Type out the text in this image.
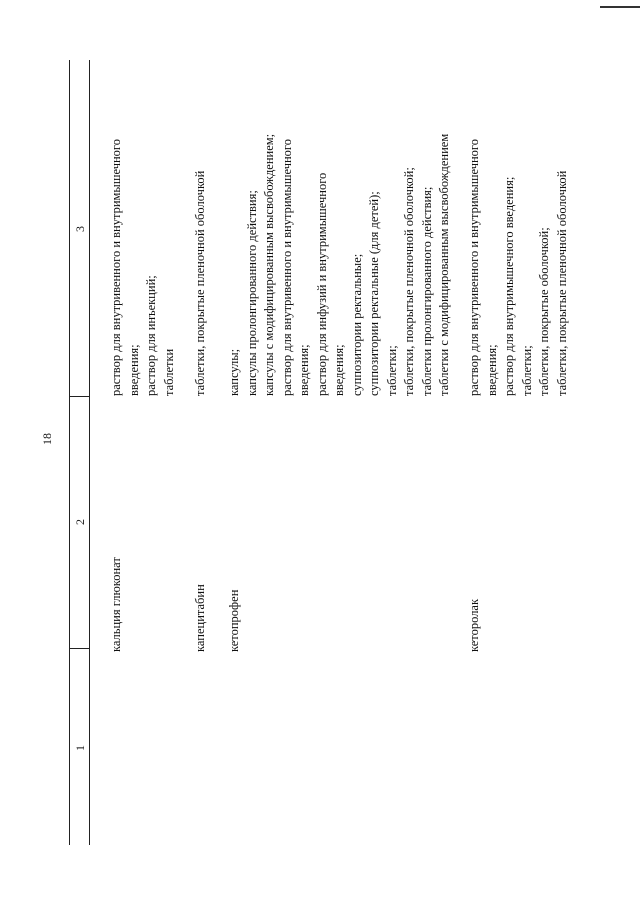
18
1
2
3
кальция глюконат
раствор для внутривенного и внутримышечного введения; раствор для инъекций; таблетки
капецитабин
таблетки, покрытые пленочной оболочкой
кетопрофен
капсулы; капсулы пролонгированного действия; капсулы с модифицированным высвобождением; раствор для внутривенного и внутримышечного введения; раствор для инфузий и внутримышечного введения; суппозитории ректальные; суппозитории ректальные (для детей); таблетки; таблетки, покрытые пленочной оболочкой; таблетки пролонгированного действия; таблетки с модифицированным высвобождением
кеторолак
раствор для внутривенного и внутримышечного введения; раствор для внутримышечного введения; таблетки; таблетки, покрытые оболочкой; таблетки, покрытые пленочной оболочкой
